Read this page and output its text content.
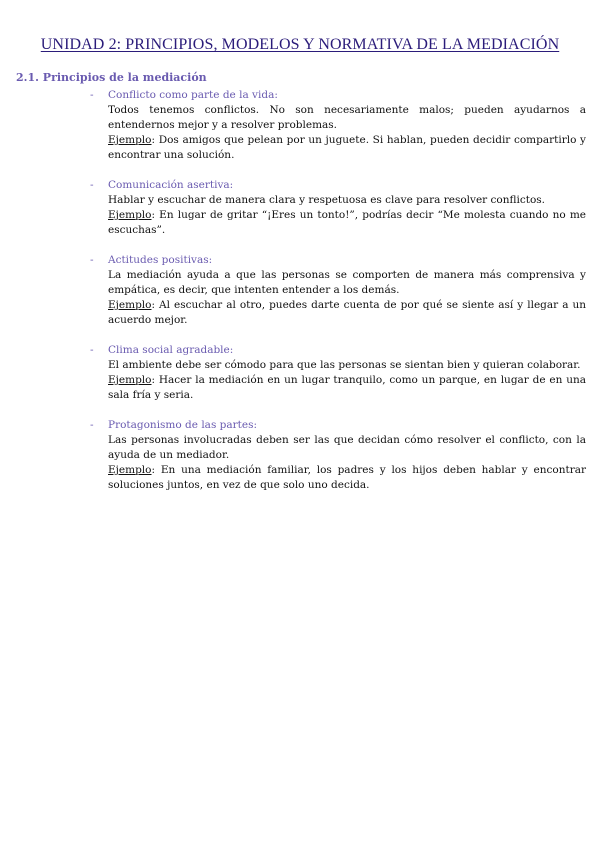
UNIDAD 2: PRINCIPIOS, MODELOS Y NORMATIVA DE LA MEDIACIÓN
2.1. Principios de la mediación
- Conflicto como parte de la vida:
Todos tenemos conflictos. No son necesariamente malos; pueden ayudarnos a entendernos mejor y a resolver problemas.
Ejemplo: Dos amigos que pelean por un juguete. Si hablan, pueden decidir compartirlo y encontrar una solución.
- Comunicación asertiva:
Hablar y escuchar de manera clara y respetuosa es clave para resolver conflictos.
Ejemplo: En lugar de gritar “¡Eres un tonto!”, podrías decir “Me molesta cuando no me escuchas”.
- Actitudes positivas:
La mediación ayuda a que las personas se comporten de manera más comprensiva y empática, es decir, que intenten entender a los demás.
Ejemplo: Al escuchar al otro, puedes darte cuenta de por qué se siente así y llegar a un acuerdo mejor.
- Clima social agradable:
El ambiente debe ser cómodo para que las personas se sientan bien y quieran colaborar.
Ejemplo: Hacer la mediación en un lugar tranquilo, como un parque, en lugar de en una sala fría y seria.
- Protagonismo de las partes:
Las personas involucradas deben ser las que decidan cómo resolver el conflicto, con la ayuda de un mediador.
Ejemplo: En una mediación familiar, los padres y los hijos deben hablar y encontrar soluciones juntos, en vez de que solo uno decida.
